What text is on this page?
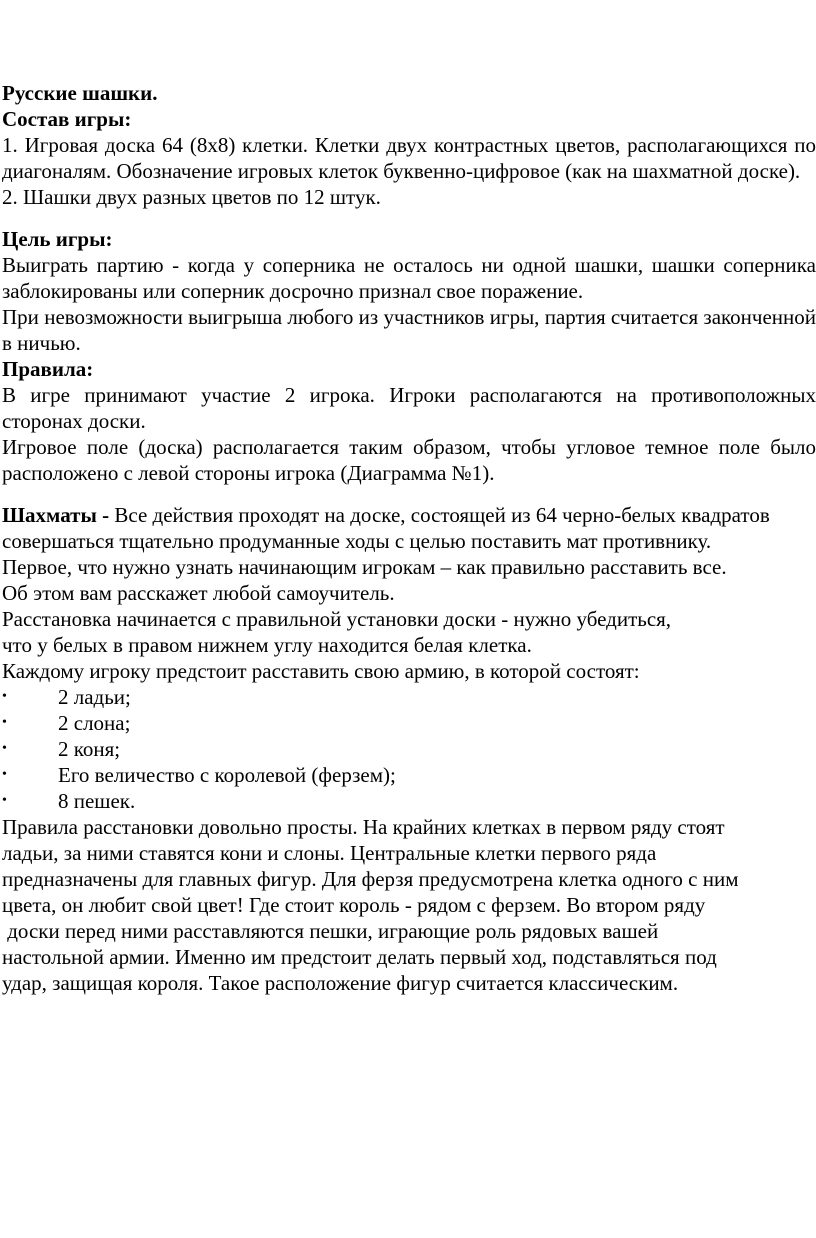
Русские шашки.

Состав игры:

1. Игровая доска 64 (8х8) клетки. Клетки двух контрастных цветов, располагающихся по диагоналям. Обозначение игровых клеток буквенно-цифровое (как на шахматной доске).

2. Шашки двух разных цветов по 12 штук.

Цель игры:

Выиграть партию - когда у соперника не осталось ни одной шашки, шашки соперника заблокированы или соперник досрочно признал свое поражение.

При невозможности выигрыша любого из участников игры, партия считается законченной в ничью.

Правила:

В игре принимают участие 2 игрока. Игроки располагаются на противоположных сторонах доски.

Игровое поле (доска) располагается таким образом, чтобы угловое темное поле было расположено с левой стороны игрока (Диаграмма №1).

Шахматы - Все действия проходят на доске, состоящей из 64 черно-белых квадратов

совершаться тщательно продуманные ходы с целью поставить мат противнику.

Первое, что нужно узнать начинающим игрокам – как правильно расставить все.

Об этом вам расскажет любой самоучитель.

Расстановка начинается с правильной установки доски - нужно убедиться,

что у белых в правом нижнем углу находится белая клетка.

Каждому игроку предстоит расставить свою армию, в которой состоят:

• 2 ладьи;
• 2 слона;
• 2 коня;
• Его величество с королевой (ферзем);
• 8 пешек.

Правила расстановки довольно просты. На крайних клетках в первом ряду стоят

ладьи, за ними ставятся кони и слоны. Центральные клетки первого ряда

предназначены для главных фигур. Для ферзя предусмотрена клетка одного с ним

цвета, он любит свой цвет! Где стоит король - рядом с ферзем. Во втором ряду

доски перед ними расставляются пешки, играющие роль рядовых вашей

настольной армии. Именно им предстоит делать первый ход, подставляться под

удар, защищая короля. Такое расположение фигур считается классическим.
